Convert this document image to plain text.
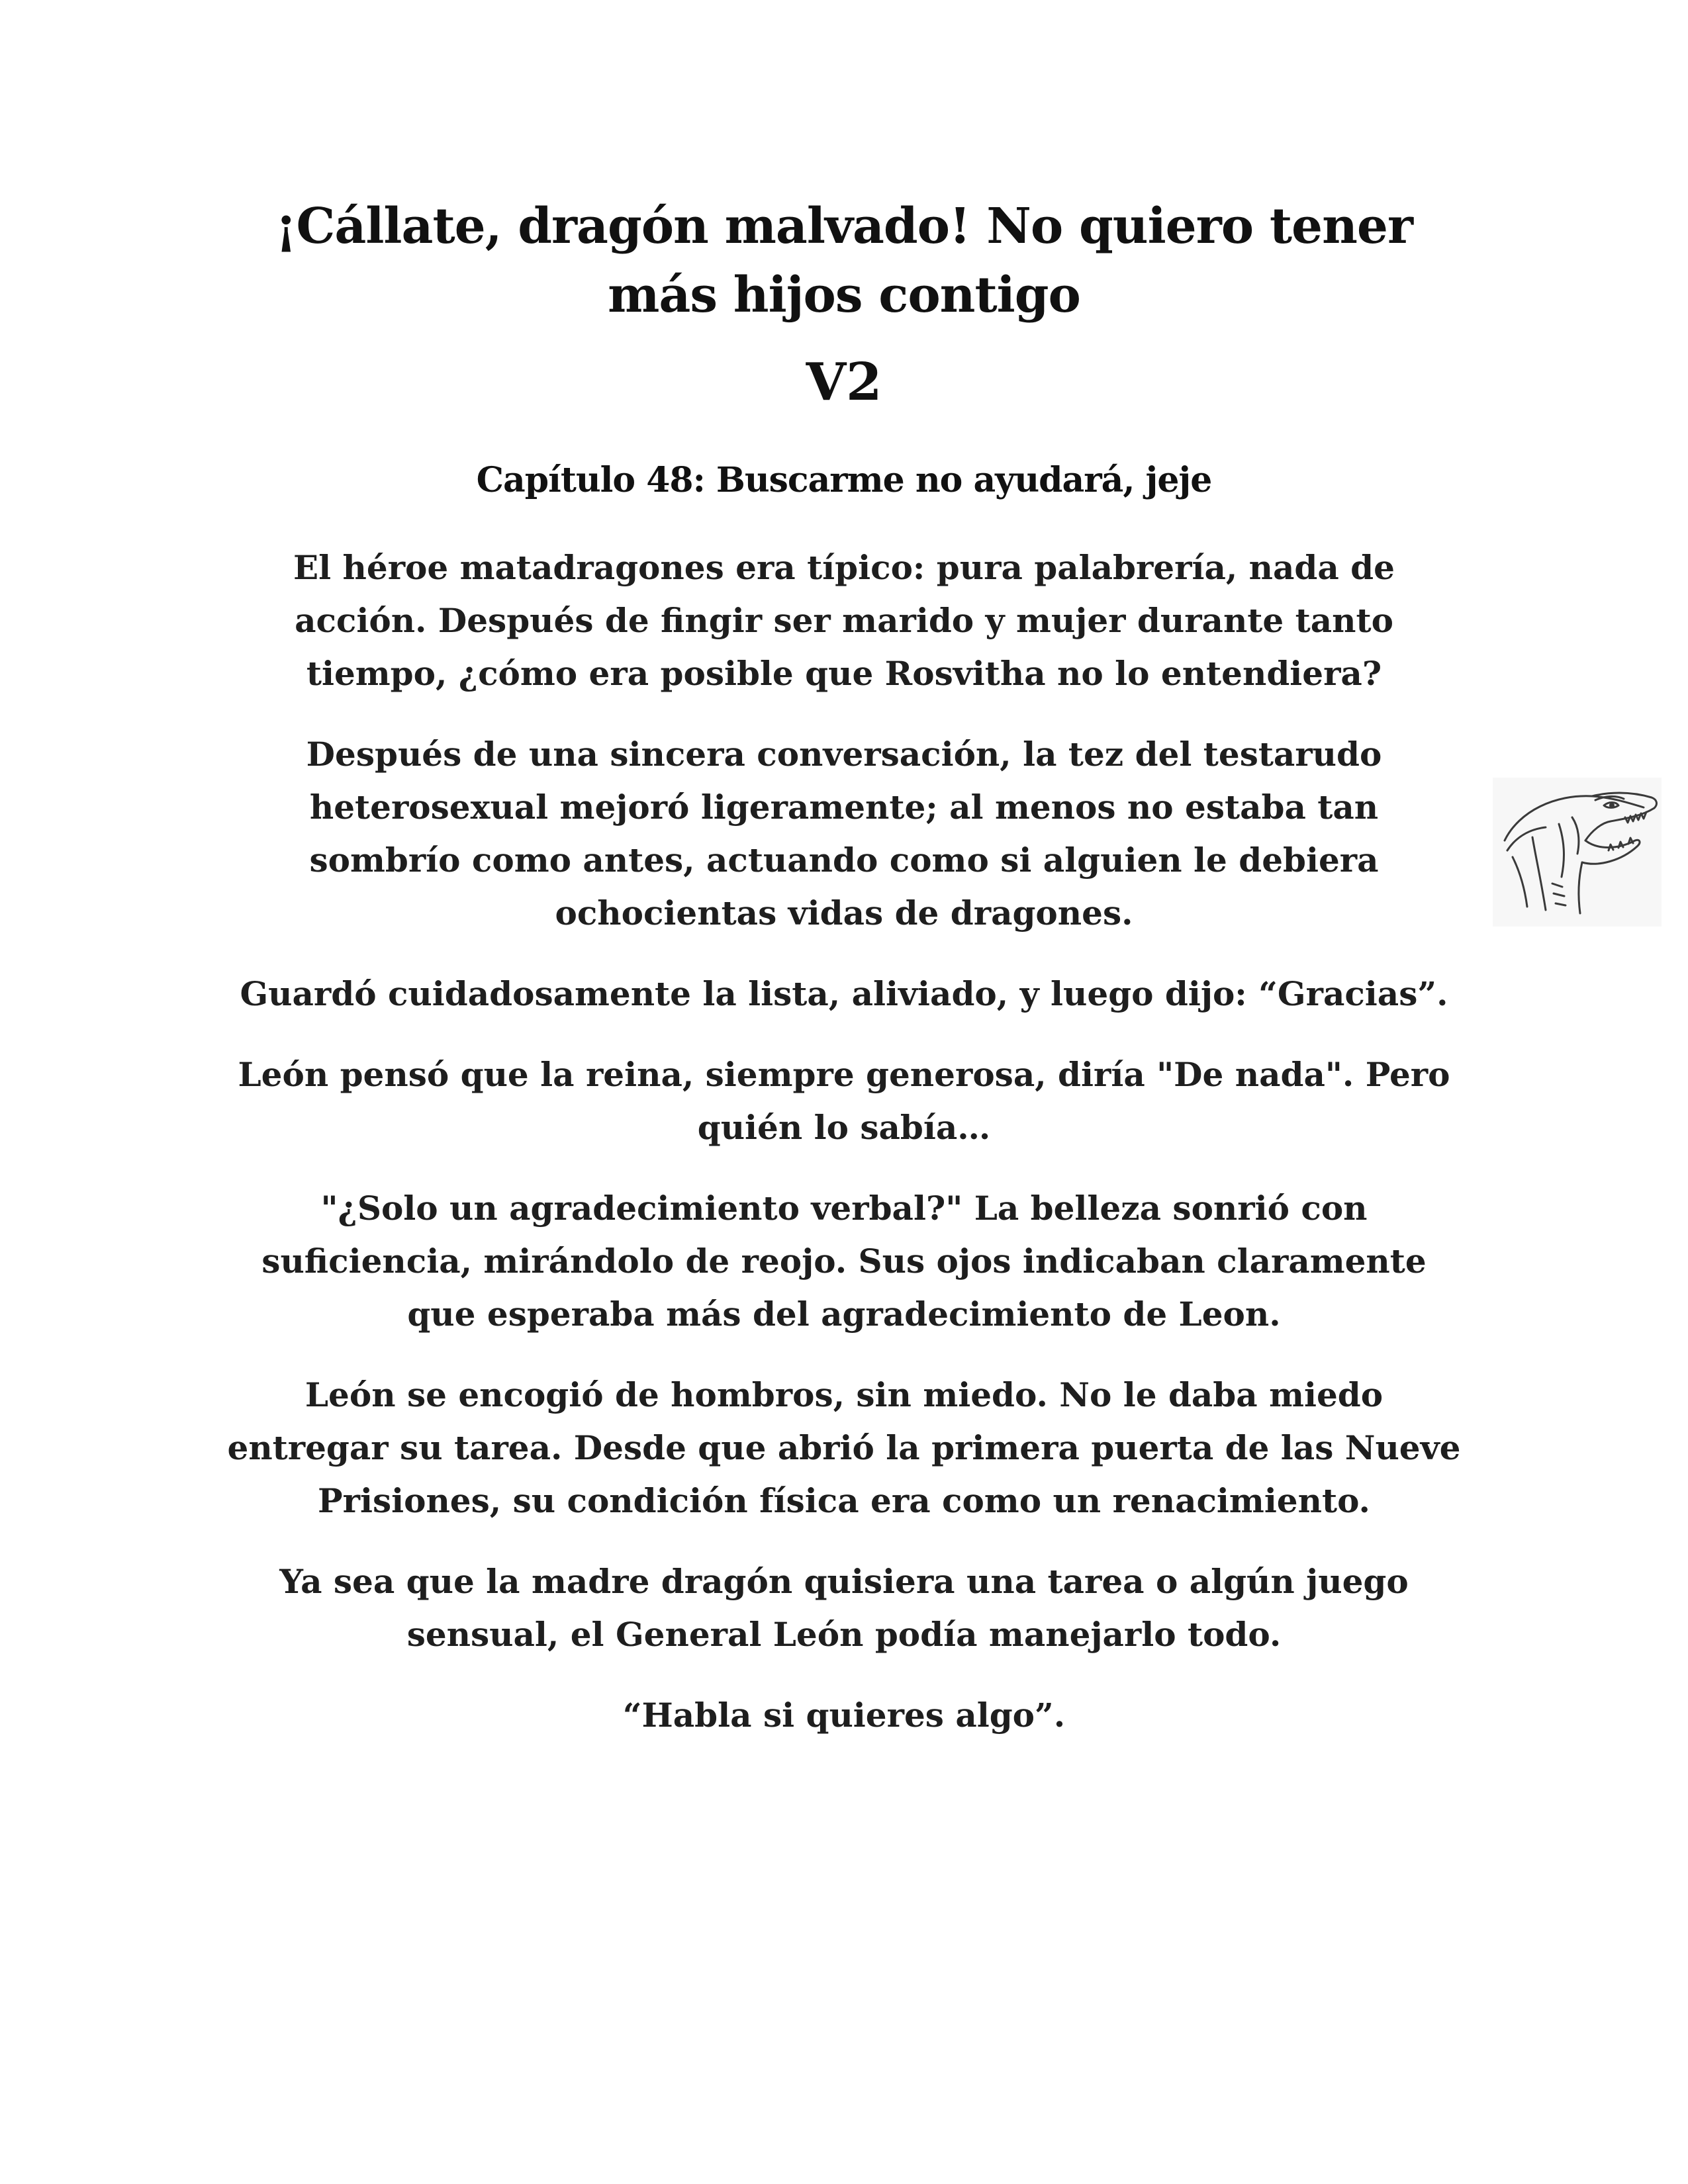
¡Cállate, dragón malvado! No quiero tener más hijos contigo
V2
Capítulo 48: Buscarme no ayudará, jeje

El héroe matadragones era típico: pura palabrería, nada de acción. Después de fingir ser marido y mujer durante tanto tiempo, ¿cómo era posible que Rosvitha no lo entendiera?

Después de una sincera conversación, la tez del testarudo heterosexual mejoró ligeramente; al menos no estaba tan sombrío como antes, actuando como si alguien le debiera ochocientas vidas de dragones.

Guardó cuidadosamente la lista, aliviado, y luego dijo: “Gracias”.

León pensó que la reina, siempre generosa, diría "De nada". Pero quién lo sabía…

"¿Solo un agradecimiento verbal?" La belleza sonrió con suficiencia, mirándolo de reojo. Sus ojos indicaban claramente que esperaba más del agradecimiento de Leon.

León se encogió de hombros, sin miedo. No le daba miedo entregar su tarea. Desde que abrió la primera puerta de las Nueve Prisiones, su condición física era como un renacimiento.

Ya sea que la madre dragón quisiera una tarea o algún juego sensual, el General León podía manejarlo todo.

“Habla si quieres algo”.
